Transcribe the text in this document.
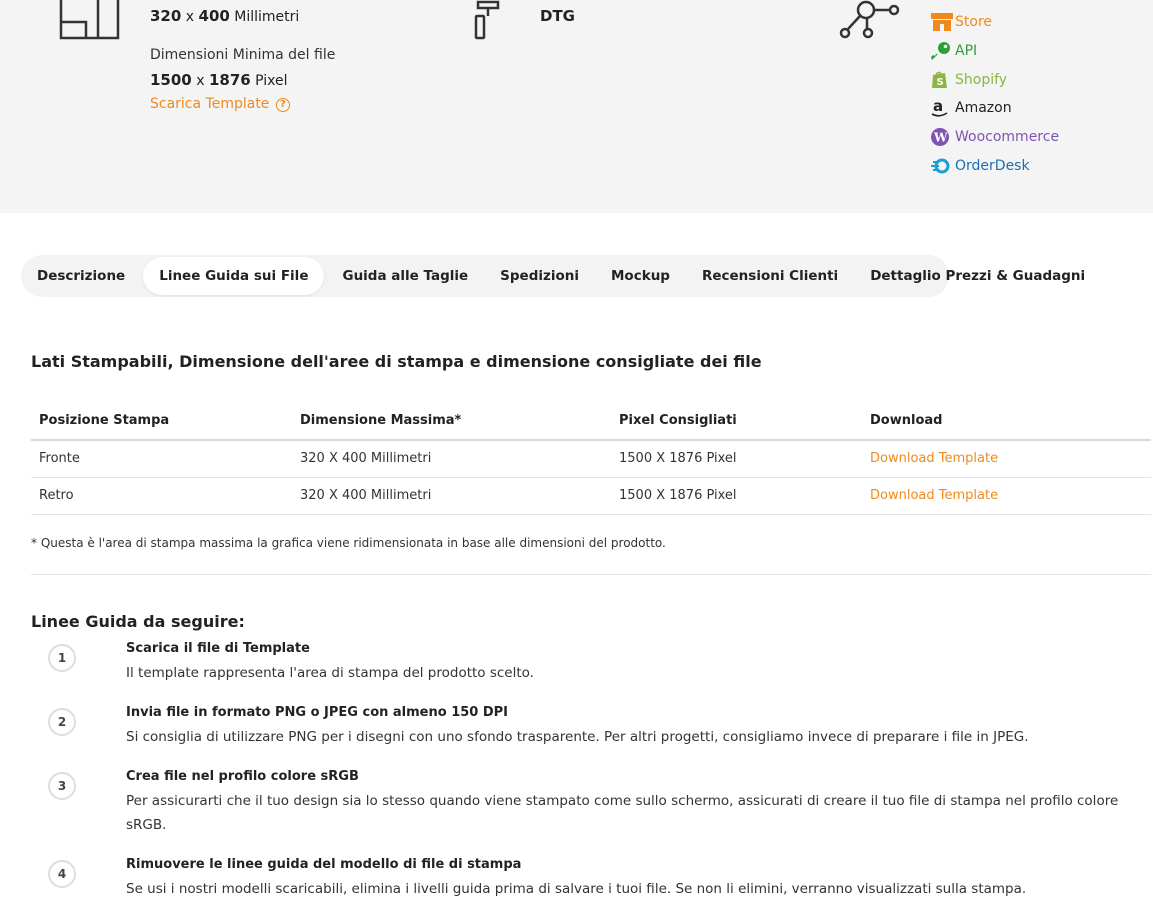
320 x 400 Millimetri
Dimensioni Minima del file
1500 x 1876 Pixel
Scarica Template ?
DTG	Store
API
S Shopify
a Amazon
W Woocommerce
OrderDesk
Descrizione	Linee Guida sui File	Guida alle Taglie	Spedizioni	Mockup	Recensioni Clienti	Dettaglio Prezzi & Guadagni
Lati Stampabili, Dimensione dell'aree di stampa e dimensione consigliate dei file
Posizione Stampa	Dimensione Massima*	Pixel Consigliati	Download
Fronte	320 X 400 Millimetri	1500 X 1876 Pixel	Download Template
Retro	320 X 400 Millimetri	1500 X 1876 Pixel	Download Template
* Questa è l'area di stampa massima la grafica viene ridimensionata in base alle dimensioni del prodotto.
Linee Guida da seguire:
1
Scarica il file di Template
Il template rappresenta l'area di stampa del prodotto scelto.
2
Invia file in formato PNG o JPEG con almeno 150 DPI
Si consiglia di utilizzare PNG per i disegni con uno sfondo trasparente. Per altri progetti, consigliamo invece di preparare i file in JPEG.
3
Crea file nel profilo colore sRGB
Per assicurarti che il tuo design sia lo stesso quando viene stampato come sullo schermo, assicurati di creare il tuo file di stampa nel profilo colore sRGB.
4
Rimuovere le linee guida del modello di file di stampa
Se usi i nostri modelli scaricabili, elimina i livelli guida prima di salvare i tuoi file. Se non li elimini, verranno visualizzati sulla stampa.
